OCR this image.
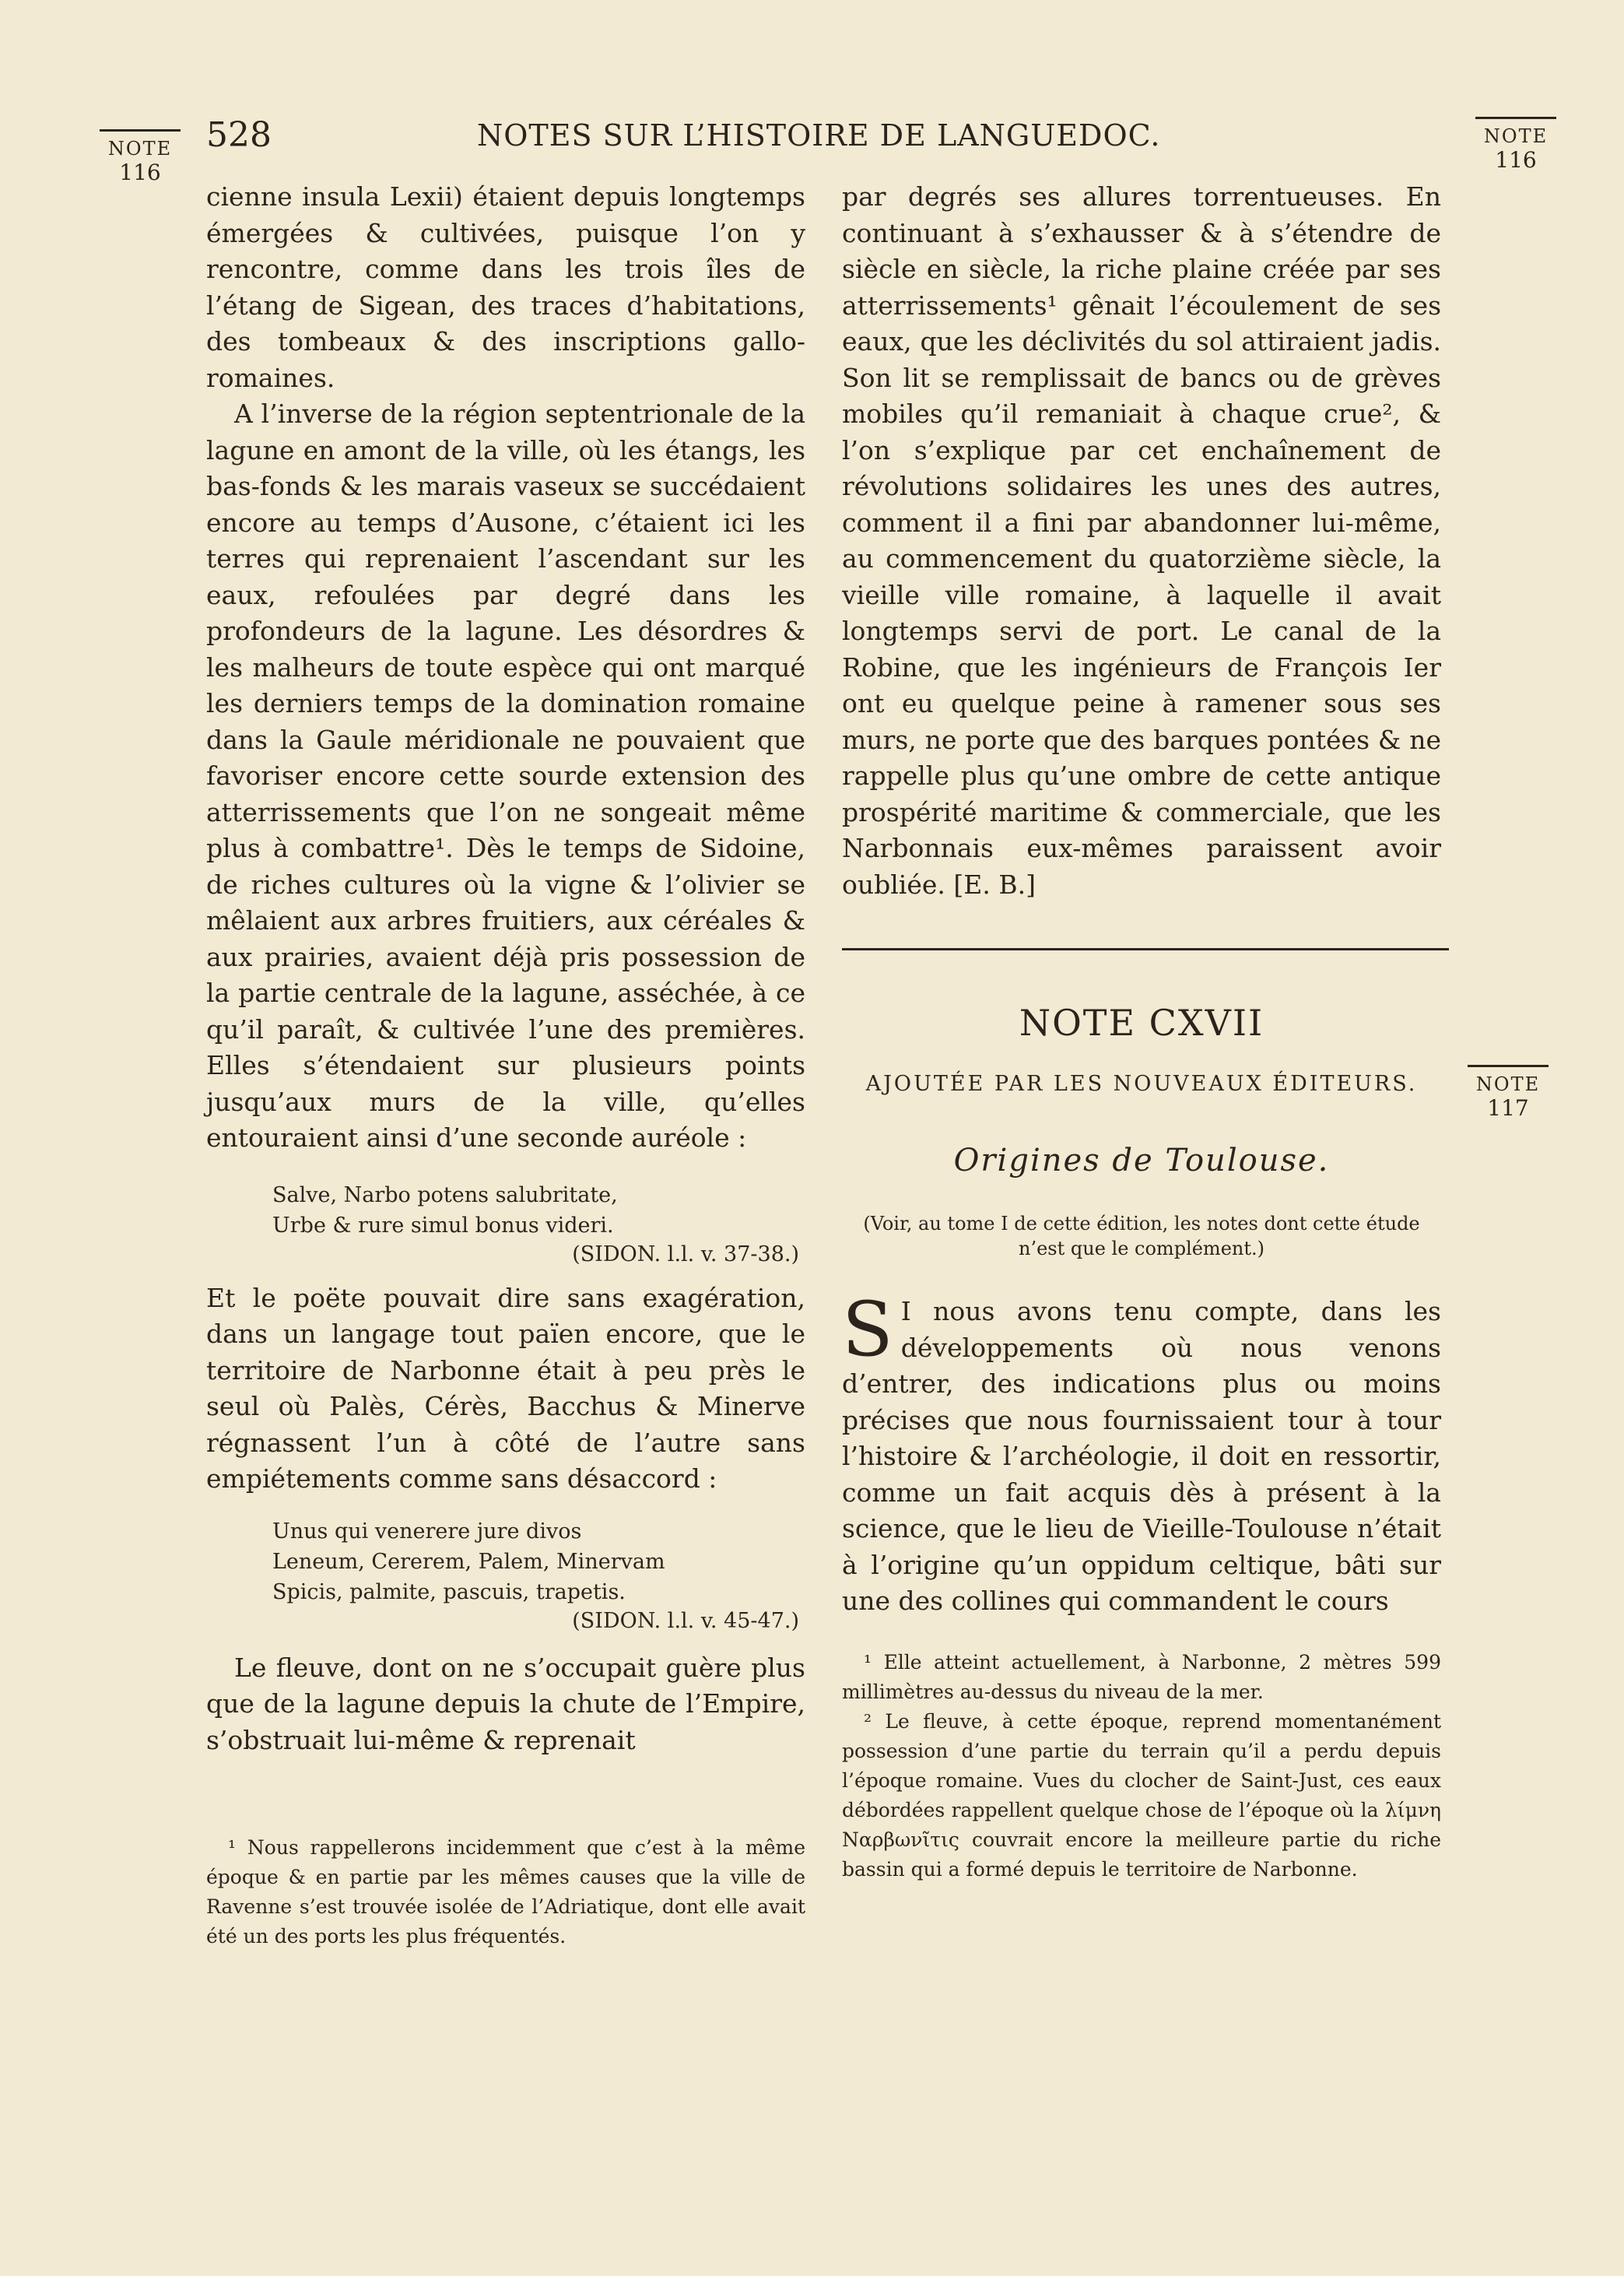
NOTE
116
NOTE
116
NOTE
117
528	NOTES SUR L’HISTOIRE DE LANGUEDOC.

cienne insula Lexii) étaient depuis longtemps émergées & cultivées, puisque l’on y rencontre, comme dans les trois îles de l’étang de Sigean, des traces d’habitations, des tombeaux & des inscriptions gallo-romaines.

A l’inverse de la région septentrionale de la lagune en amont de la ville, où les étangs, les bas-fonds & les marais vaseux se succédaient encore au temps d’Ausone, c’étaient ici les terres qui reprenaient l’ascendant sur les eaux, refoulées par degré dans les profondeurs de la lagune. Les désordres & les malheurs de toute espèce qui ont marqué les derniers temps de la domination romaine dans la Gaule méridionale ne pouvaient que favoriser encore cette sourde extension des atterrissements que l’on ne songeait même plus à combattre¹. Dès le temps de Sidoine, de riches cultures où la vigne & l’olivier se mêlaient aux arbres fruitiers, aux céréales & aux prairies, avaient déjà pris possession de la partie centrale de la lagune, asséchée, à ce qu’il paraît, & cultivée l’une des premières. Elles s’étendaient sur plusieurs points jusqu’aux murs de la ville, qu’elles entouraient ainsi d’une seconde auréole :

Salve, Narbo potens salubritate,
Urbe & rure simul bonus videri.
(SIDON. l.l. v. 37-38.)

Et le poëte pouvait dire sans exagération, dans un langage tout païen encore, que le territoire de Narbonne était à peu près le seul où Palès, Cérès, Bacchus & Minerve régnassent l’un à côté de l’autre sans empiétements comme sans désaccord :

Unus qui venerere jure divos
Leneum, Cererem, Palem, Minervam
Spicis, palmite, pascuis, trapetis.
(SIDON. l.l. v. 45-47.)

Le fleuve, dont on ne s’occupait guère plus que de la lagune depuis la chute de l’Empire, s’obstruait lui-même & reprenait

¹ Nous rappellerons incidemment que c’est à la même époque & en partie par les mêmes causes que la ville de Ravenne s’est trouvée isolée de l’Adriatique, dont elle avait été un des ports les plus fréquentés.

par degrés ses allures torrentueuses. En continuant à s’exhausser & à s’étendre de siècle en siècle, la riche plaine créée par ses atterrissements¹ gênait l’écoulement de ses eaux, que les déclivités du sol attiraient jadis. Son lit se remplissait de bancs ou de grèves mobiles qu’il remaniait à chaque crue², & l’on s’explique par cet enchaînement de révolutions solidaires les unes des autres, comment il a fini par abandonner lui-même, au commencement du quatorzième siècle, la vieille ville romaine, à laquelle il avait longtemps servi de port. Le canal de la Robine, que les ingénieurs de François Ier ont eu quelque peine à ramener sous ses murs, ne porte que des barques pontées & ne rappelle plus qu’une ombre de cette antique prospérité maritime & commerciale, que les Narbonnais eux-mêmes paraissent avoir oubliée. [E. B.]

NOTE CXVII
AJOUTÉE PAR LES NOUVEAUX ÉDITEURS.
Origines de Toulouse.
(Voir, au tome I de cette édition, les notes dont cette étude n’est que le complément.)
S I nous avons tenu compte, dans les développements où nous venons d’entrer, des indications plus ou moins précises que nous fournissaient tour à tour l’histoire & l’archéologie, il doit en ressortir, comme un fait acquis dès à présent à la science, que le lieu de Vieille-Toulouse n’était à l’origine qu’un oppidum celtique, bâti sur une des collines qui commandent le cours

¹ Elle atteint actuellement, à Narbonne, 2 mètres 599 millimètres au-dessus du niveau de la mer.

² Le fleuve, à cette époque, reprend momentanément possession d’une partie du terrain qu’il a perdu depuis l’époque romaine. Vues du clocher de Saint-Just, ces eaux débordées rappellent quelque chose de l’époque où la λίμνη Ναρβωνῖτις couvrait encore la meilleure partie du riche bassin qui a formé depuis le territoire de Narbonne.
